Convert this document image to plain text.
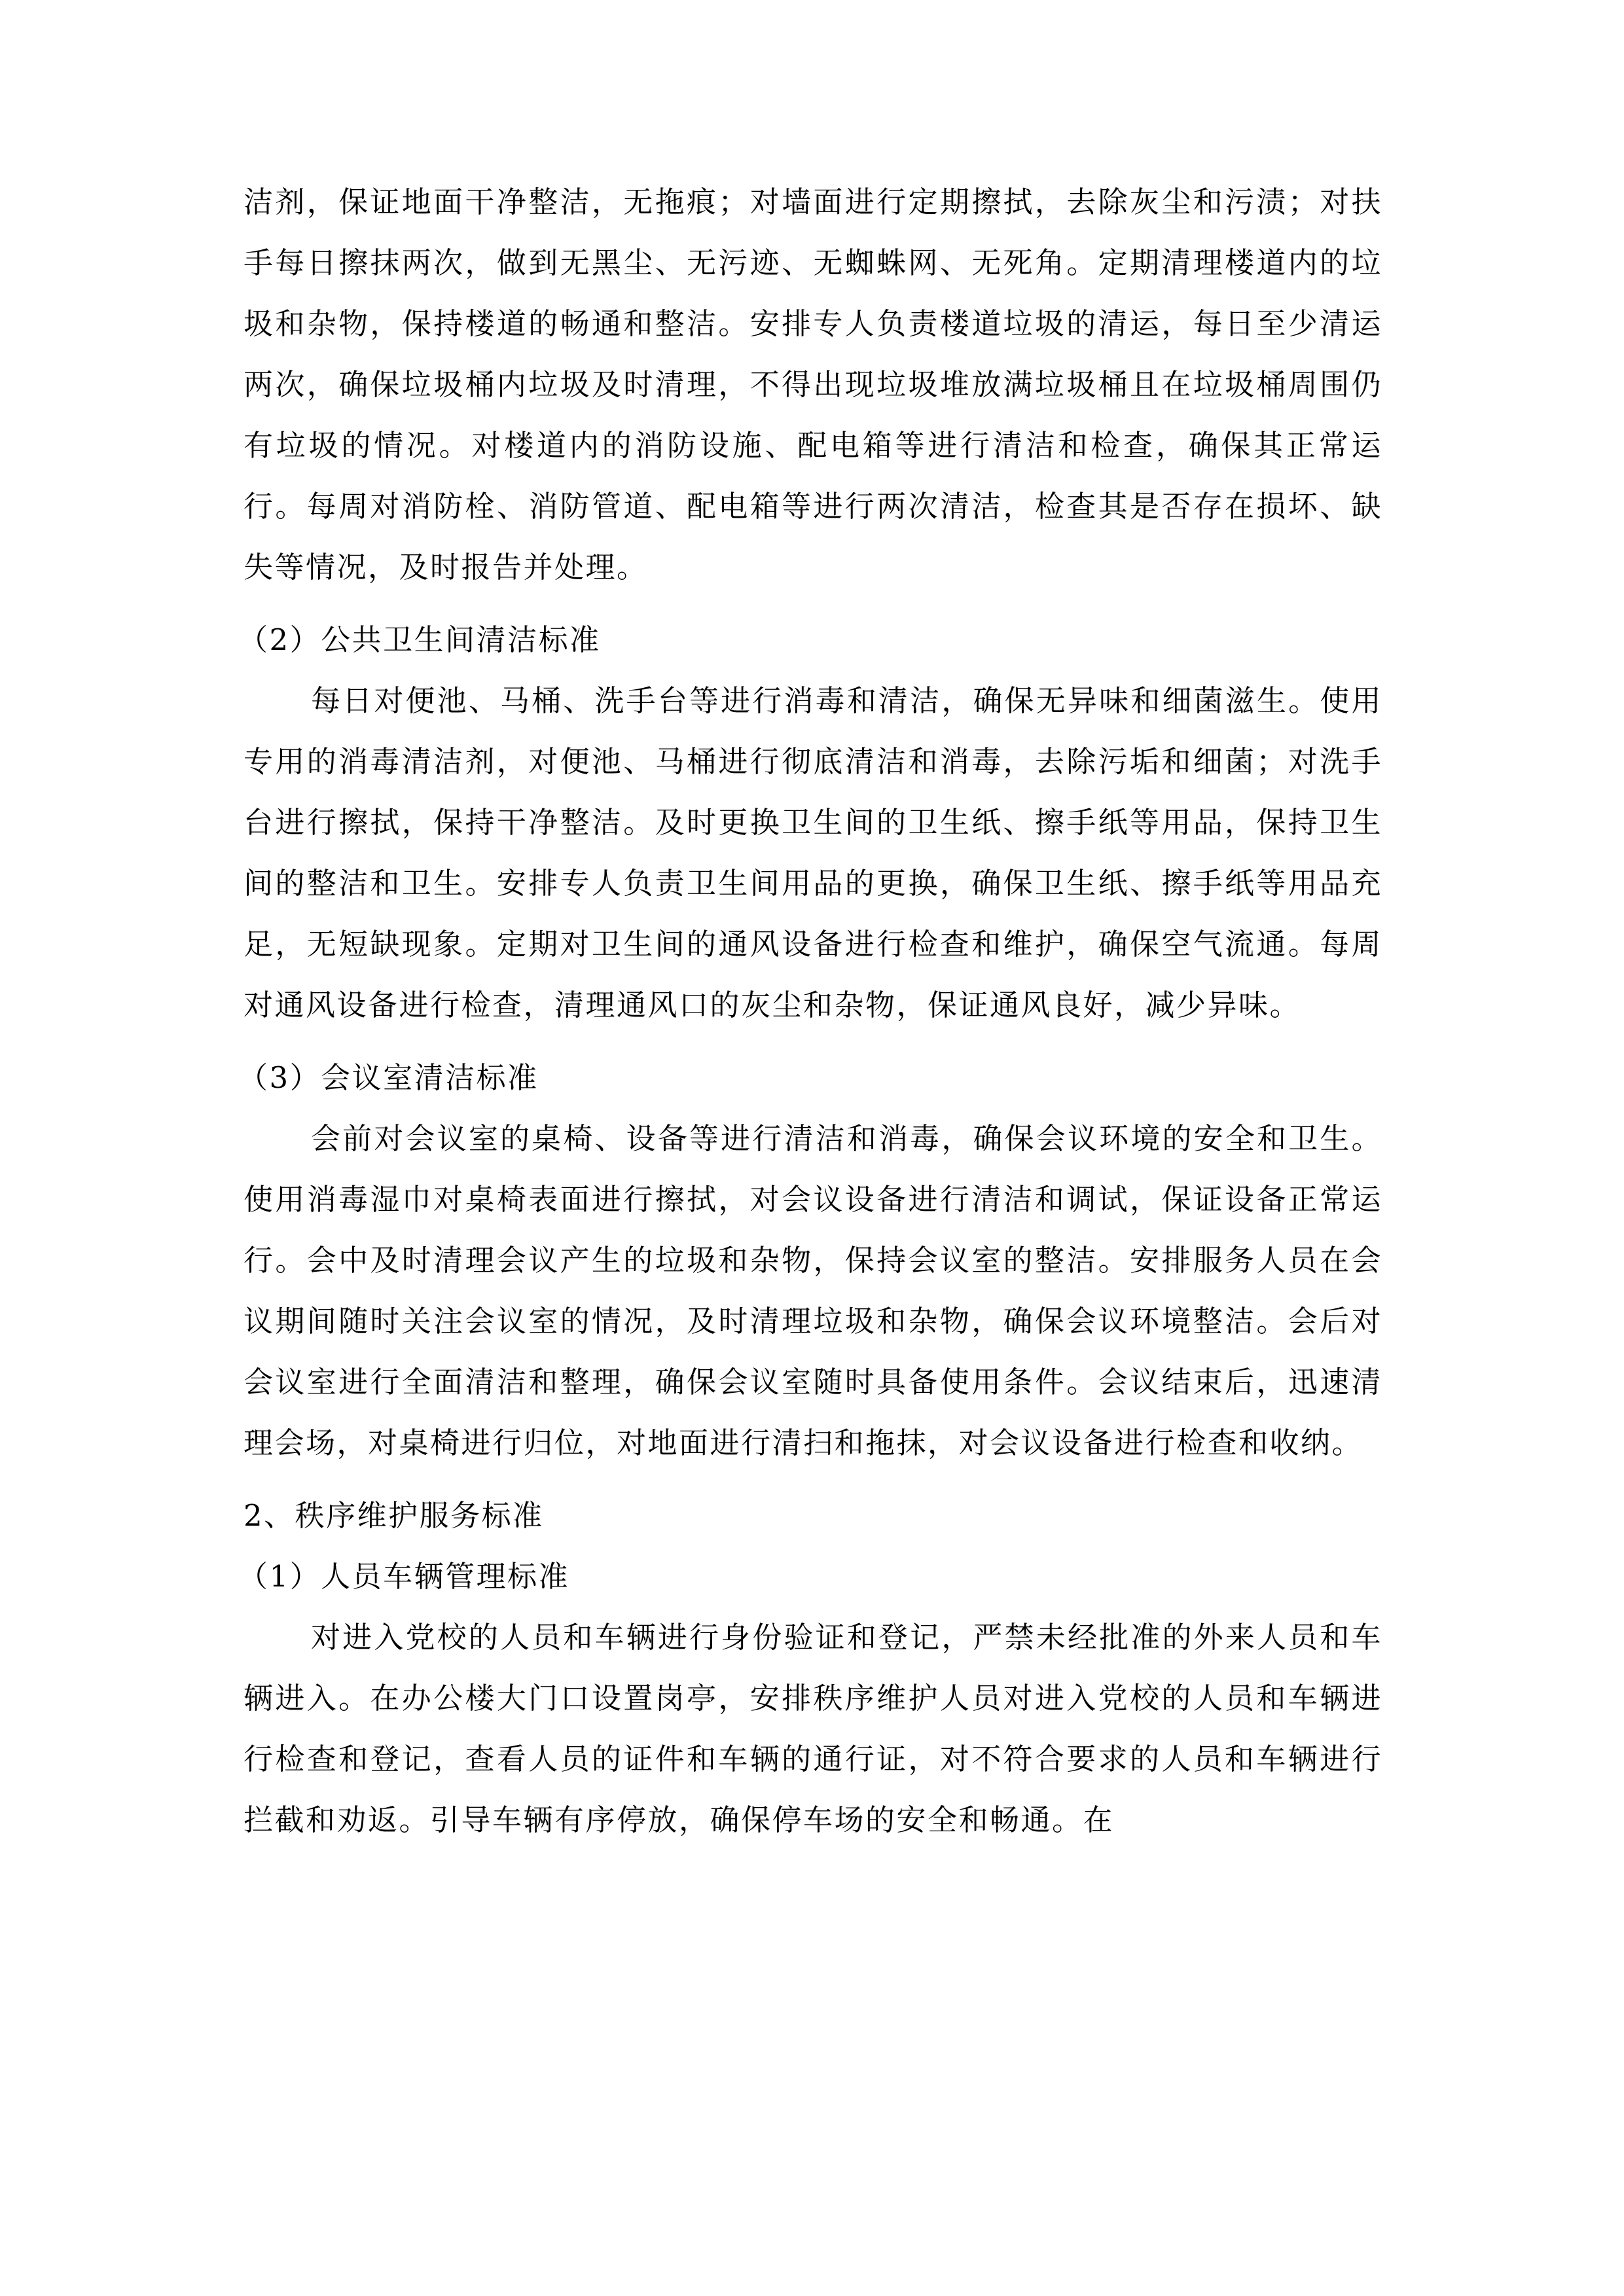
洁剂，保证地面干净整洁，无拖痕；对墙面进行定期擦拭，去除灰尘和污渍；对扶手每日擦抹两次，做到无黑尘、无污迹、无蜘蛛网、无死角。定期清理楼道内的垃圾和杂物，保持楼道的畅通和整洁。安排专人负责楼道垃圾的清运，每日至少清运两次，确保垃圾桶内垃圾及时清理，不得出现垃圾堆放满垃圾桶且在垃圾桶周围仍有垃圾的情况。对楼道内的消防设施、配电箱等进行清洁和检查，确保其正常运行。每周对消防栓、消防管道、配电箱等进行两次清洁，检查其是否存在损坏、缺失等情况，及时报告并处理。

（2）公共卫生间清洁标准

每日对便池、马桶、洗手台等进行消毒和清洁，确保无异味和细菌滋生。使用专用的消毒清洁剂，对便池、马桶进行彻底清洁和消毒，去除污垢和细菌；对洗手台进行擦拭，保持干净整洁。及时更换卫生间的卫生纸、擦手纸等用品，保持卫生间的整洁和卫生。安排专人负责卫生间用品的更换，确保卫生纸、擦手纸等用品充足，无短缺现象。定期对卫生间的通风设备进行检查和维护，确保空气流通。每周对通风设备进行检查，清理通风口的灰尘和杂物，保证通风良好，减少异味。

（3）会议室清洁标准

会前对会议室的桌椅、设备等进行清洁和消毒，确保会议环境的安全和卫生。使用消毒湿巾对桌椅表面进行擦拭，对会议设备进行清洁和调试，保证设备正常运行。会中及时清理会议产生的垃圾和杂物，保持会议室的整洁。安排服务人员在会议期间随时关注会议室的情况，及时清理垃圾和杂物，确保会议环境整洁。会后对会议室进行全面清洁和整理，确保会议室随时具备使用条件。会议结束后，迅速清理会场，对桌椅进行归位，对地面进行清扫和拖抹，对会议设备进行检查和收纳。

2、秩序维护服务标准

（1）人员车辆管理标准

对进入党校的人员和车辆进行身份验证和登记，严禁未经批准的外来人员和车辆进入。在办公楼大门口设置岗亭，安排秩序维护人员对进入党校的人员和车辆进行检查和登记，查看人员的证件和车辆的通行证，对不符合要求的人员和车辆进行拦截和劝返。引导车辆有序停放，确保停车场的安全和畅通。在
